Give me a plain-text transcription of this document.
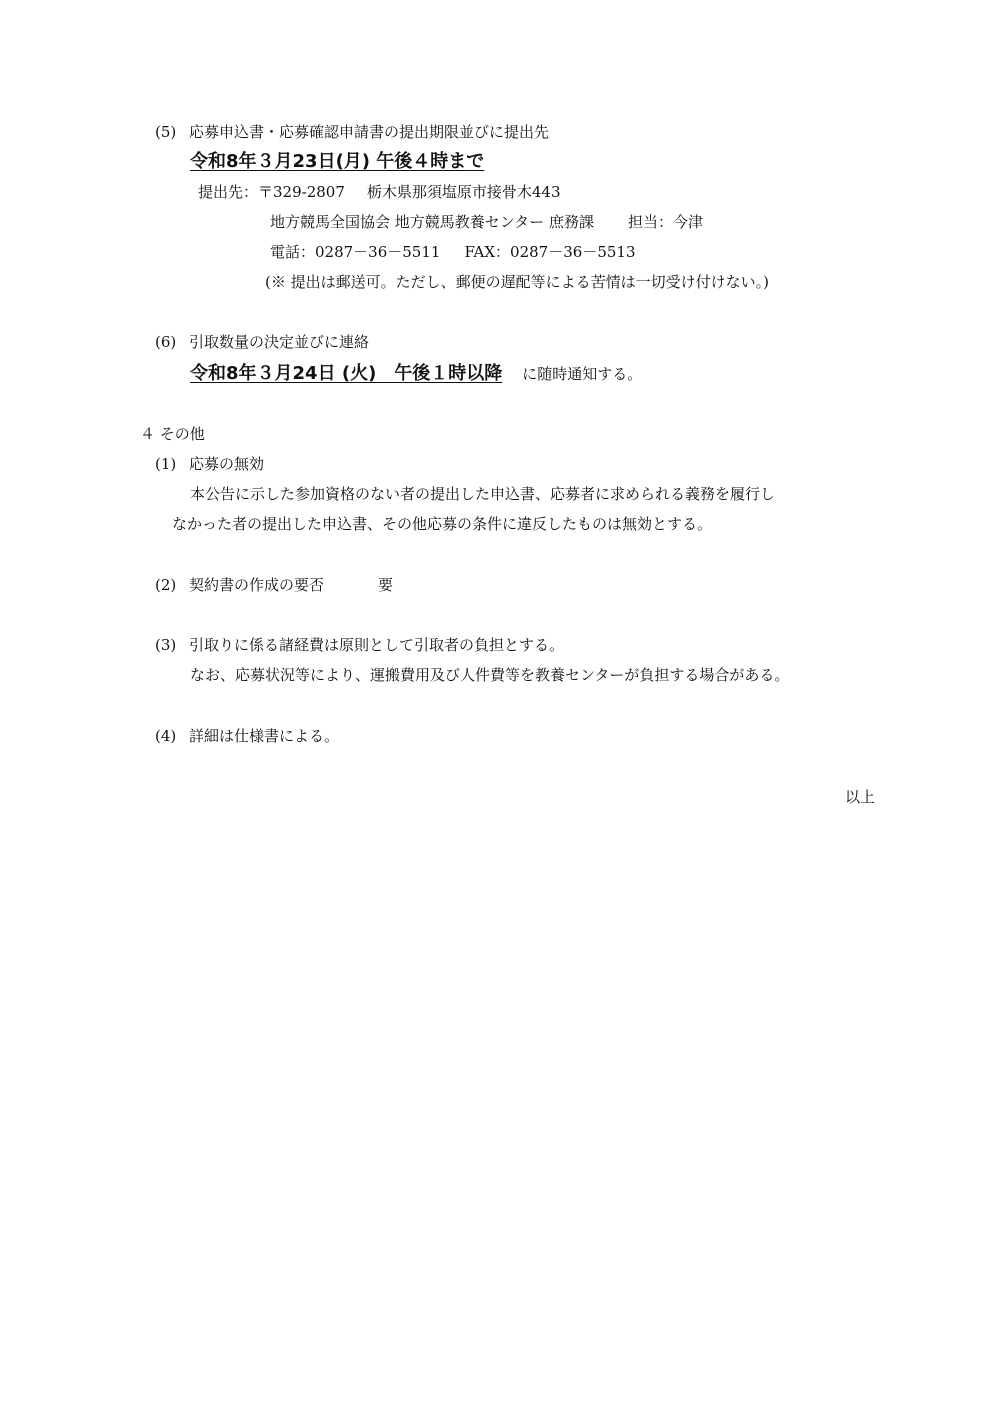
(5) 応募申込書・応募確認申請書の提出期限並びに提出先
令和8年３月23日(月) 午後４時まで
提出先：〒329-2807 栃木県那須塩原市接骨木443
地方競馬全国協会 地方競馬教養センター 庶務課 担当：今津
電話：0287－36－5511 FAX：0287－36－5513
(※ 提出は郵送可。ただし、郵便の遅配等による苦情は一切受け付けない。)
(6) 引取数量の決定並びに連絡
令和8年３月24日 (火)　午後１時以降 に随時通知する。
４ その他
(1) 応募の無効
本公告に示した参加資格のない者の提出した申込書、応募者に求められる義務を履行し
なかった者の提出した申込書、その他応募の条件に違反したものは無効とする。
(2) 契約書の作成の要否	要
(3) 引取りに係る諸経費は原則として引取者の負担とする。
なお、応募状況等により、運搬費用及び人件費等を教養センターが負担する場合がある。
(4) 詳細は仕様書による。
以上
